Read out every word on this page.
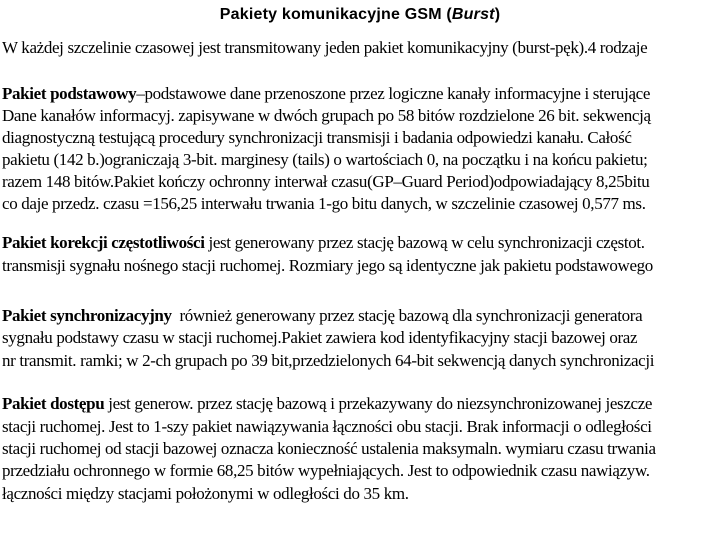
Pakiety komunikacyjne GSM (Burst)
W każdej szczelinie czasowej jest transmitowany jeden pakiet komunikacyjny (burst-pęk).4 rodzaje
Pakiet podstawowy–podstawowe dane przenoszone przez logiczne kanały informacyjne i sterujące
Dane kanałów informacyj. zapisywane w dwóch grupach po 58 bitów rozdzielone 26 bit. sekwencją
diagnostyczną testującą procedury synchronizacji transmisji i badania odpowiedzi kanału. Całość
pakietu (142 b.)ograniczają 3-bit. marginesy (tails) o wartościach 0, na początku i na końcu pakietu;
razem 148 bitów.Pakiet kończy ochronny interwał czasu(GP–Guard Period)odpowiadający 8,25bitu
co daje przedz. czasu =156,25 interwału trwania 1-go bitu danych, w szczelinie czasowej 0,577 ms.
Pakiet korekcji częstotliwości jest generowany przez stację bazową w celu synchronizacji częstot.
transmisji sygnału nośnego stacji ruchomej. Rozmiary jego są identyczne jak pakietu podstawowego
Pakiet synchronizacyjny  również generowany przez stację bazową dla synchronizacji generatora
sygnału podstawy czasu w stacji ruchomej.Pakiet zawiera kod identyfikacyjny stacji bazowej oraz
nr transmit. ramki; w 2-ch grupach po 39 bit,przedzielonych 64-bit sekwencją danych synchronizacji
Pakiet dostępu jest generow. przez stację bazową i przekazywany do niezsynchronizowanej jeszcze
stacji ruchomej. Jest to 1-szy pakiet nawiązywania łączności obu stacji. Brak informacji o odległości
stacji ruchomej od stacji bazowej oznacza konieczność ustalenia maksymaln. wymiaru czasu trwania
przedziału ochronnego w formie 68,25 bitów wypełniających. Jest to odpowiednik czasu nawiązyw.
łączności między stacjami położonymi w odległości do 35 km.
